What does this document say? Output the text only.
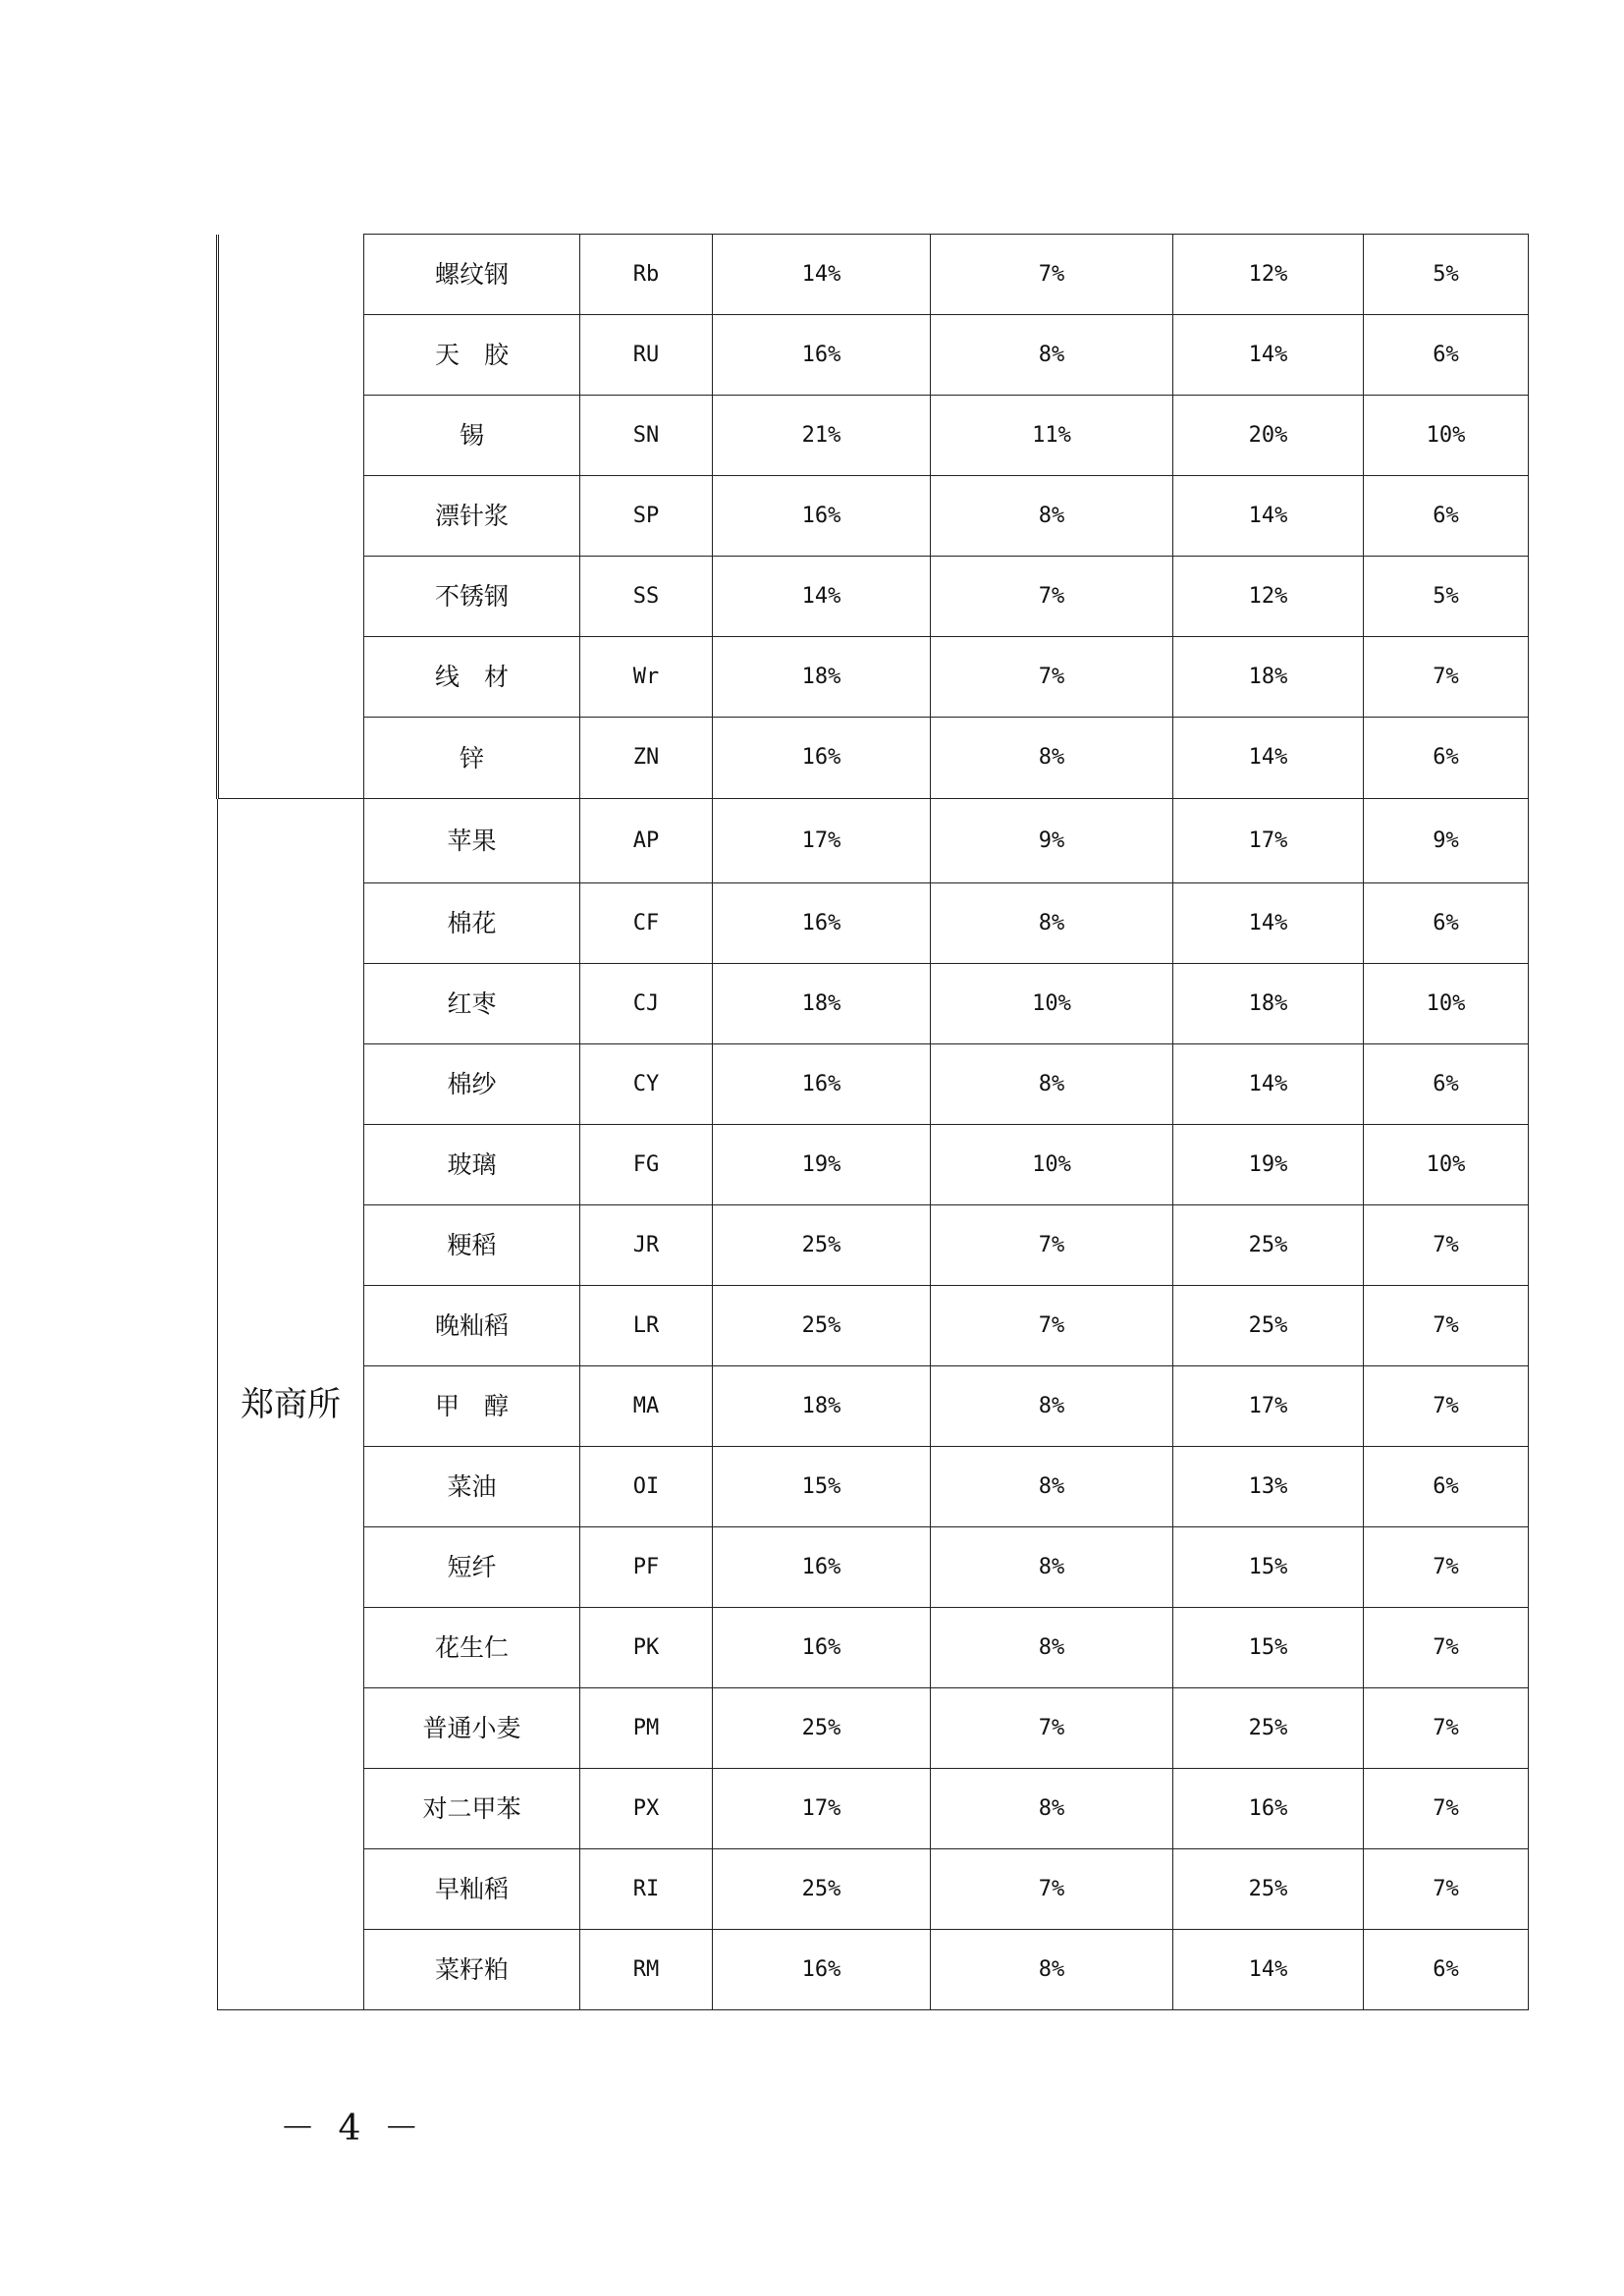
	螺纹钢	Rb	14%	7%	12%	5%
	天　胶	RU	16%	8%	14%	6%
	锡	SN	21%	11%	20%	10%
	漂针浆	SP	16%	8%	14%	6%
	不锈钢	SS	14%	7%	12%	5%
	线　材	Wr	18%	7%	18%	7%
	锌	ZN	16%	8%	14%	6%
郑商所	苹果	AP	17%	9%	17%	9%
	棉花	CF	16%	8%	14%	6%
	红枣	CJ	18%	10%	18%	10%
	棉纱	CY	16%	8%	14%	6%
	玻璃	FG	19%	10%	19%	10%
	粳稻	JR	25%	7%	25%	7%
	晚籼稻	LR	25%	7%	25%	7%
	甲　醇	MA	18%	8%	17%	7%
	菜油	OI	15%	8%	13%	6%
	短纤	PF	16%	8%	15%	7%
	花生仁	PK	16%	8%	15%	7%
	普通小麦	PM	25%	7%	25%	7%
	对二甲苯	PX	17%	8%	16%	7%
	早籼稻	RI	25%	7%	25%	7%
	菜籽粕	RM	16%	8%	14%	6%
－ 4 －
